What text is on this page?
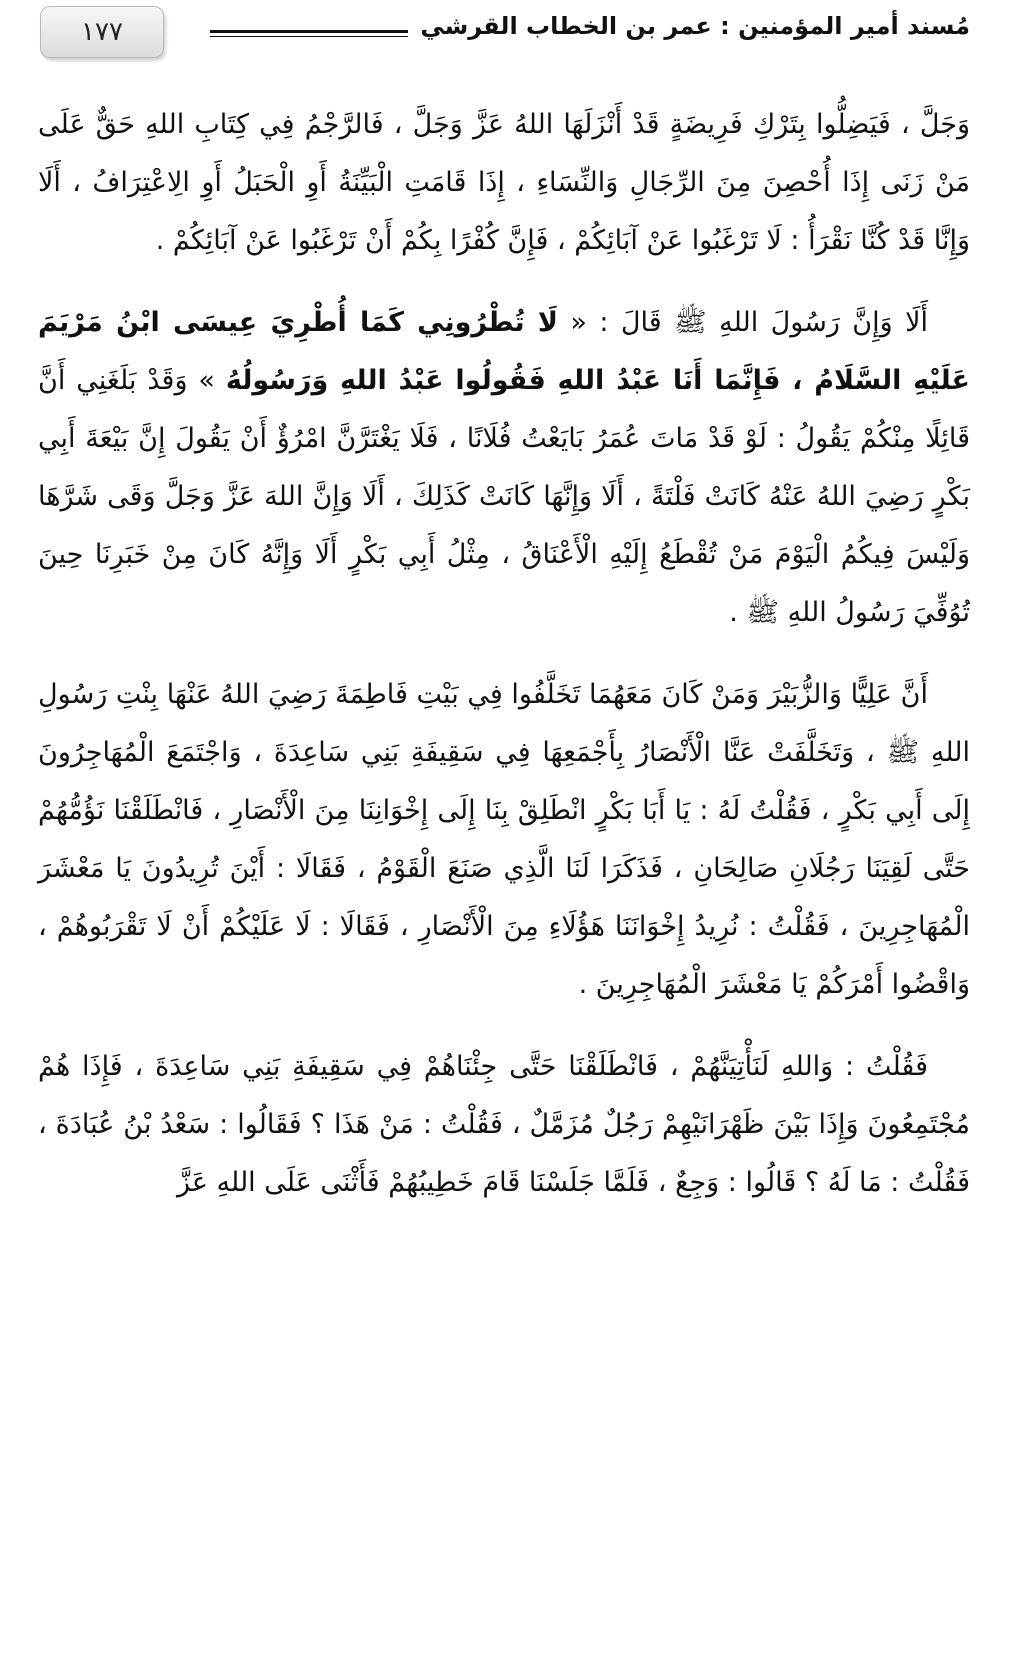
١٧٧	مُسند أمير المؤمنين : عمر بن الخطاب القرشي

وَجَلَّ ، فَيَضِلُّوا بِتَرْكِ فَرِيضَةٍ قَدْ أَنْزَلَهَا اللهُ عَزَّ وَجَلَّ ، فَالرَّجْمُ فِي كِتَابِ اللهِ حَقٌّ عَلَى مَنْ زَنَى إِذَا أُحْصِنَ مِنَ الرِّجَالِ وَالنِّسَاءِ ، إِذَا قَامَتِ الْبَيِّنَةُ أَوِ الْحَبَلُ أَوِ الِاعْتِرَافُ ، أَلَا وَإِنَّا قَدْ كُنَّا نَقْرَأُ : لَا تَرْغَبُوا عَنْ آبَائِكُمْ ، فَإِنَّ كُفْرًا بِكُمْ أَنْ تَرْغَبُوا عَنْ آبَائِكُمْ .

أَلَا وَإِنَّ رَسُولَ اللهِ ﷺ قَالَ : « لَا تُطْرُونِي كَمَا أُطْرِيَ عِيسَى ابْنُ مَرْيَمَ عَلَيْهِ السَّلَامُ ، فَإِنَّمَا أَنَا عَبْدُ اللهِ فَقُولُوا عَبْدُ اللهِ وَرَسُولُهُ » وَقَدْ بَلَغَنِي أَنَّ قَائِلًا مِنْكُمْ يَقُولُ : لَوْ قَدْ مَاتَ عُمَرُ بَايَعْتُ فُلَانًا ، فَلَا يَغْتَرَّنَّ امْرُؤٌ أَنْ يَقُولَ إِنَّ بَيْعَةَ أَبِي بَكْرٍ رَضِيَ اللهُ عَنْهُ كَانَتْ فَلْتَةً ، أَلَا وَإِنَّهَا كَانَتْ كَذَلِكَ ، أَلَا وَإِنَّ اللهَ عَزَّ وَجَلَّ وَقَى شَرَّهَا وَلَيْسَ فِيكُمُ الْيَوْمَ مَنْ تُقْطَعُ إِلَيْهِ الْأَعْنَاقُ ، مِثْلُ أَبِي بَكْرٍ أَلَا وَإِنَّهُ كَانَ مِنْ خَبَرِنَا حِينَ تُوُفِّيَ رَسُولُ اللهِ ﷺ .

أَنَّ عَلِيًّا وَالزُّبَيْرَ وَمَنْ كَانَ مَعَهُمَا تَخَلَّفُوا فِي بَيْتِ فَاطِمَةَ رَضِيَ اللهُ عَنْهَا بِنْتِ رَسُولِ اللهِ ﷺ ، وَتَخَلَّفَتْ عَنَّا الْأَنْصَارُ بِأَجْمَعِهَا فِي سَقِيفَةِ بَنِي سَاعِدَةَ ، وَاجْتَمَعَ الْمُهَاجِرُونَ إِلَى أَبِي بَكْرٍ ، فَقُلْتُ لَهُ : يَا أَبَا بَكْرٍ انْطَلِقْ بِنَا إِلَى إِخْوَانِنَا مِنَ الْأَنْصَارِ ، فَانْطَلَقْنَا نَؤُمُّهُمْ حَتَّى لَقِيَنَا رَجُلَانِ صَالِحَانِ ، فَذَكَرَا لَنَا الَّذِي صَنَعَ الْقَوْمُ ، فَقَالَا : أَيْنَ تُرِيدُونَ يَا مَعْشَرَ الْمُهَاجِرِينَ ، فَقُلْتُ : نُرِيدُ إِخْوَانَنَا هَؤُلَاءِ مِنَ الْأَنْصَارِ ، فَقَالَا : لَا عَلَيْكُمْ أَنْ لَا تَقْرَبُوهُمْ ، وَاقْضُوا أَمْرَكُمْ يَا مَعْشَرَ الْمُهَاجِرِينَ .

فَقُلْتُ : وَاللهِ لَنَأْتِيَنَّهُمْ ، فَانْطَلَقْنَا حَتَّى جِئْنَاهُمْ فِي سَقِيفَةِ بَنِي سَاعِدَةَ ، فَإِذَا هُمْ مُجْتَمِعُونَ وَإِذَا بَيْنَ ظَهْرَانَيْهِمْ رَجُلٌ مُزَمَّلٌ ، فَقُلْتُ : مَنْ هَذَا ؟ فَقَالُوا : سَعْدُ بْنُ عُبَادَةَ ، فَقُلْتُ : مَا لَهُ ؟ قَالُوا : وَجِعٌ ، فَلَمَّا جَلَسْنَا قَامَ خَطِيبُهُمْ فَأَثْنَى عَلَى اللهِ عَزَّ
